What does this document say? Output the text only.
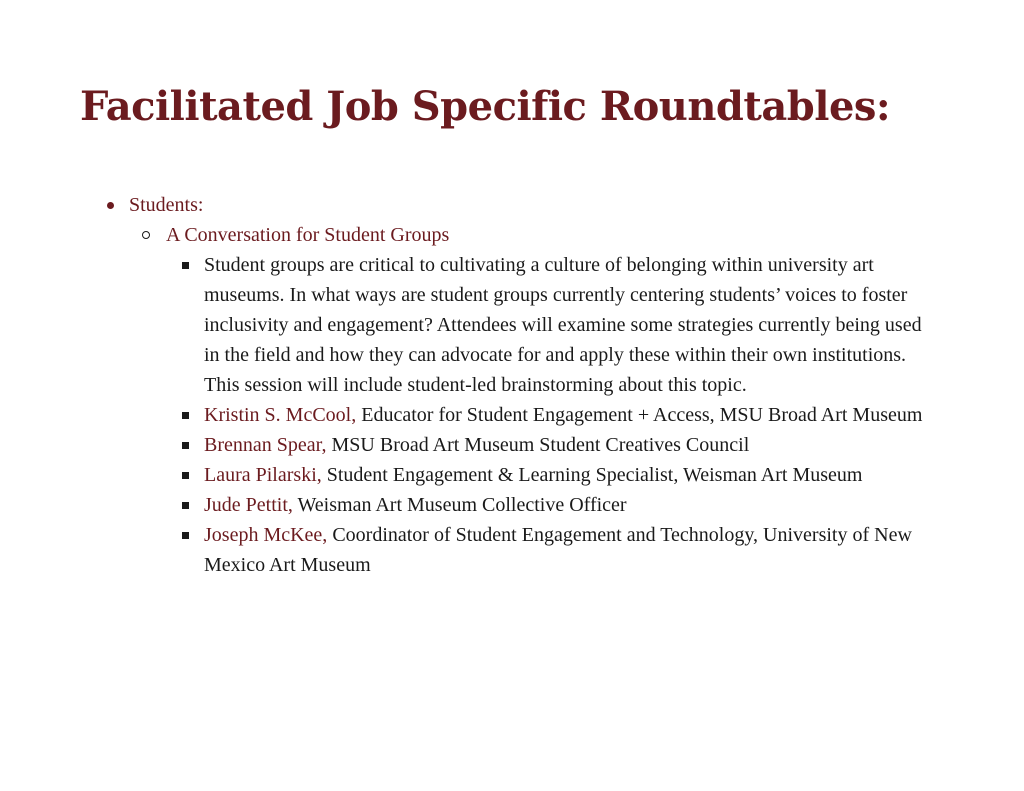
Facilitated Job Specific Roundtables:
Students:
A Conversation for Student Groups
Student groups are critical to cultivating a culture of belonging within university art museums. In what ways are student groups currently centering students’ voices to foster inclusivity and engagement? Attendees will examine some strategies currently being used in the field and how they can advocate for and apply these within their own institutions. This session will include student-led brainstorming about this topic.
Kristin S. McCool, Educator for Student Engagement + Access, MSU Broad Art Museum
Brennan Spear, MSU Broad Art Museum Student Creatives Council
Laura Pilarski, Student Engagement & Learning Specialist, Weisman Art Museum
Jude Pettit, Weisman Art Museum Collective Officer
Joseph McKee, Coordinator of Student Engagement and Technology, University of New Mexico Art Museum
